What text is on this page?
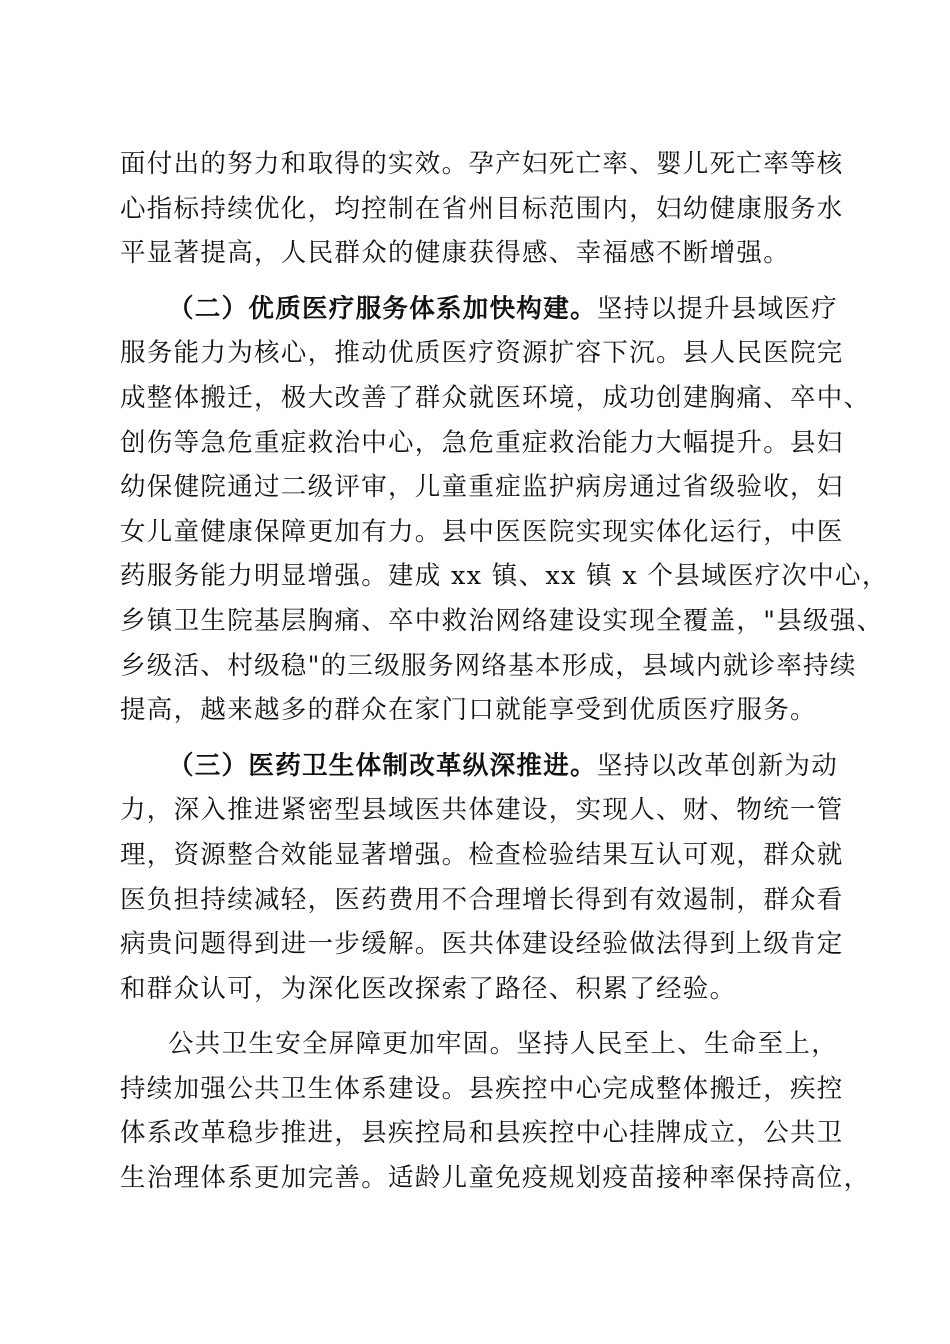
面付出的努力和取得的实效。孕产妇死亡率、婴儿死亡率等核
心指标持续优化，均控制在省州目标范围内，妇幼健康服务水
平显著提高，人民群众的健康获得感、幸福感不断增强。
（二）优质医疗服务体系加快构建。坚持以提升县域医疗
服务能力为核心，推动优质医疗资源扩容下沉。县人民医院完
成整体搬迁，极大改善了群众就医环境，成功创建胸痛、卒中、
创伤等急危重症救治中心，急危重症救治能力大幅提升。县妇
幼保健院通过二级评审，儿童重症监护病房通过省级验收，妇
女儿童健康保障更加有力。县中医医院实现实体化运行，中医
药服务能力明显增强。建成 xx 镇、xx 镇 x 个县域医疗次中心，
乡镇卫生院基层胸痛、卒中救治网络建设实现全覆盖，"县级强、
乡级活、村级稳"的三级服务网络基本形成，县域内就诊率持续
提高，越来越多的群众在家门口就能享受到优质医疗服务。
（三）医药卫生体制改革纵深推进。坚持以改革创新为动
力，深入推进紧密型县域医共体建设，实现人、财、物统一管
理，资源整合效能显著增强。检查检验结果互认可观，群众就
医负担持续减轻，医药费用不合理增长得到有效遏制，群众看
病贵问题得到进一步缓解。医共体建设经验做法得到上级肯定
和群众认可，为深化医改探索了路径、积累了经验。
公共卫生安全屏障更加牢固。坚持人民至上、生命至上，
持续加强公共卫生体系建设。县疾控中心完成整体搬迁，疾控
体系改革稳步推进，县疾控局和县疾控中心挂牌成立，公共卫
生治理体系更加完善。适龄儿童免疫规划疫苗接种率保持高位，
